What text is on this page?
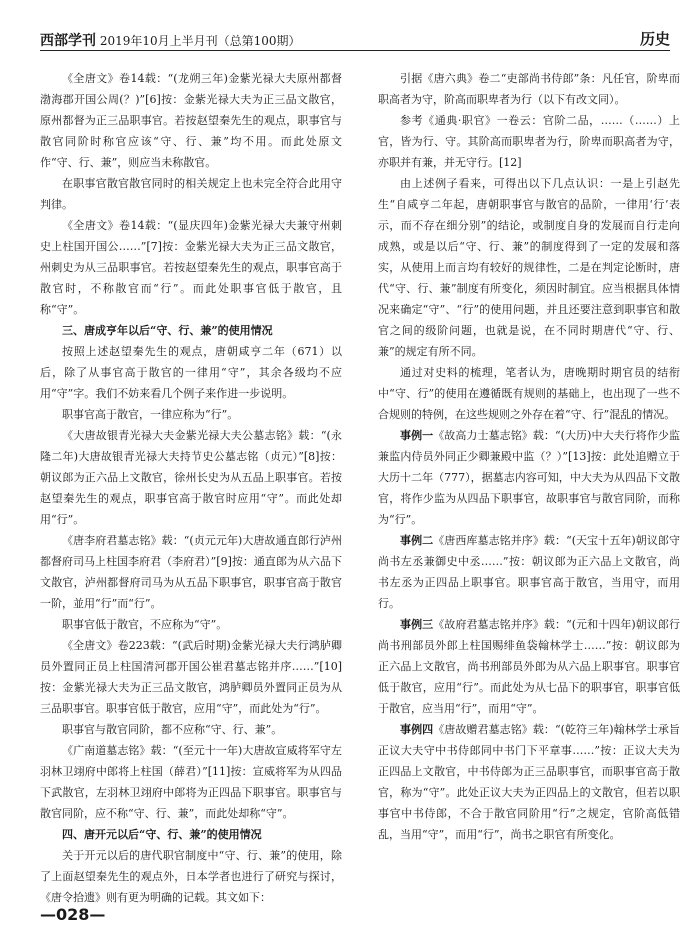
西部学刊 2019年10月上半月刊（总第100期）	历史

《全唐文》卷14载：“(龙朔三年)金紫光禄大夫原州都督渤海郡开国公周(？)”[6]按：金紫光禄大夫为正三品文散官，原州都督为正三品职事官。若按赵望秦先生的观点，职事官与散官同阶时称官应该“守、行、兼”均不用。而此处原文作“守、行、兼”，则应当未称散官。

在职事官散官散官同时的相关规定上也未完全符合此用守判律。

《全唐文》卷14载：“(显庆四年)金紫光禄大夫兼守州刺史上柱国开国公……”[7]按：金紫光禄大夫为正三品文散官，州刺史为从三品职事官。若按赵望秦先生的观点，职事官高于散官时，不称散官而“行”。而此处职事官低于散官，且称“守”。

三、唐成亨年以后“守、行、兼”的使用情况

按照上述赵望秦先生的观点，唐朝咸亨二年（671）以后，除了从事官高于散官的一律用“守”，其余各级均不应用“守”字。我们不妨来看几个例子来作进一步说明。

职事官高于散官，一律应称为“行”。

《大唐故银青光禄大夫金紫光禄大夫公墓志铭》载：“(永隆二年)大唐故银青光禄大夫持节史公墓志铭（贞元）”[8]按：朝议郎为正六品上文散官，徐州长史为从五品上职事官。若按赵望秦先生的观点，职事官高于散官时应用“守”。而此处却用“行”。

《唐李府君墓志铭》载：“(贞元元年)大唐故通直郎行泸州都督府司马上柱国李府君（李府君）”[9]按：通直郎为从六品下文散官，泸州都督府司马为从五品下职事官，职事官高于散官一阶，並用“行”而“行”。

职事官低于散官，不应称为“守”。

《全唐文》卷223载：“(武后时期)金紫光禄大夫行鸿胪卿员外置同正员上柱国清河郡开国公崔君墓志铭并序……”[10]按：金紫光禄大夫为正三品文散官，鸿胪卿员外置同正员为从三品职事官。职事官低于散官，应用“守”，而此处为“行”。

职事官与散官同阶，都不应称“守、行、兼”。

《广南道墓志铭》载：“(至元十一年)大唐故宣威将军守左羽林卫翊府中郎将上柱国（薛君）”[11]按：宣威将军为从四品下武散官，左羽林卫翊府中郎将为正四品下职事官。职事官与散官同阶，应不称“守、行、兼”，而此处却称“守”。

四、唐开元以后“守、行、兼”的使用情况

关于开元以后的唐代职官制度中“守、行、兼”的使用，除了上面赵望秦先生的观点外，日本学者也进行了研究与探讨，《唐令拾遗》则有更为明确的记载。其文如下：

引据《唐六典》卷二“吏部尚书侍郎”条：凡任官，阶卑而职高者为守，阶高而职卑者为行（以下有改文同）。

参考《通典·职官》一卷云：官阶二品，……（……）上官，皆为行、守。其阶高而职卑者为行，阶卑而职高者为守，亦职并有兼，并无守行。[12]

由上述例子看来，可得出以下几点认识：一是上引赵先生“自咸亨二年起，唐朝职事官与散官的品阶，一律用‘行’表示，而不存在细分别”的结论，或制度自身的发展而自行走向成熟，或是以后“守、行、兼”的制度得到了一定的发展和落实，从使用上而言均有较好的规律性，二是在判定论断时，唐代“守、行、兼”制度有所变化，须因时制宜。应当根据具体情况来确定“守”、“行”的使用问题，并且还要注意到职事官和散官之间的级阶问题，也就是说，在不同时期唐代“守、行、兼”的规定有所不同。

通过对史料的梳理，笔者认为，唐晚期时期官员的结衔中“守、行”的使用在遵循既有规则的基础上，也出现了一些不合规则的特例，在这些规则之外存在着“守、行”混乱的情况。

事例一《故高力士墓志铭》载：“(大历)中大夫行将作少监兼监内侍员外同正少卿兼殿中监（？）”[13]按：此处追赠立于大历十二年（777），据墓志内容可知，中大夫为从四品下文散官，将作少监为从四品下职事官，故职事官与散官同阶，而称为“行”。

事例二《唐西库墓志铭并序》载：“(天宝十五年)朝议郎守尚书左丞兼御史中丞……”按：朝议郎为正六品上文散官，尚书左丞为正四品上职事官。职事官高于散官，当用守，而用行。

事例三《故府君墓志铭并序》载：“(元和十四年)朝议郎行尚书刑部员外郎上柱国赐绯鱼袋翰林学士……”按：朝议郎为正六品上文散官，尚书刑部员外郎为从六品上职事官。职事官低于散官，应用“行”。而此处为从七品下的职事官，职事官低于散官，应当用“行”，而用“守”。

事例四《唐故赠君墓志铭》载：“(乾符三年)翰林学士承旨正议大夫守中书侍郎同中书门下平章事……”按：正议大夫为正四品上文散官，中书侍郎为正三品职事官，而职事官高于散官，称为“守”。此处正议大夫为正四品上的文散官，但若以职事官中书侍郎，不合于散官同阶用“行”之规定，官阶高低错乱，当用“守”，而用“行”，尚书之职官有所变化。

—028—
